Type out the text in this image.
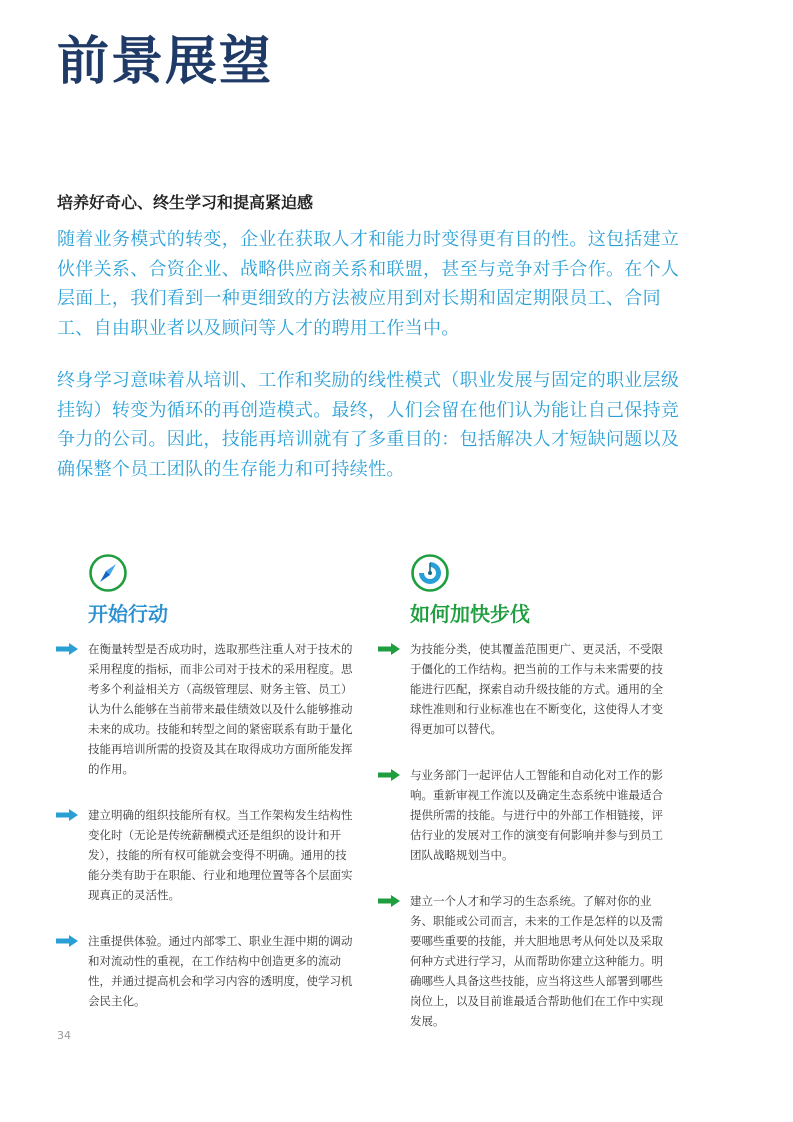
前景展望
培养好奇心、终生学习和提高紧迫感

随着业务模式的转变，企业在获取人才和能力时变得更有目的性。这包括建立伙伴关系、合资企业、战略供应商关系和联盟，甚至与竞争对手合作。在个人层面上，我们看到一种更细致的方法被应用到对长期和固定期限员工、合同工、自由职业者以及顾问等人才的聘用工作当中。

终身学习意味着从培训、工作和奖励的线性模式（职业发展与固定的职业层级挂钩）转变为循环的再创造模式。最终，人们会留在他们认为能让自己保持竞争力的公司。因此，技能再培训就有了多重目的：包括解决人才短缺问题以及确保整个员工团队的生存能力和可持续性。

开始行动
在衡量转型是否成功时，选取那些注重人对于技术的采用程度的指标，而非公司对于技术的采用程度。思考多个利益相关方（高级管理层、财务主管、员工）认为什么能够在当前带来最佳绩效以及什么能够推动未来的成功。技能和转型之间的紧密联系有助于量化技能再培训所需的投资及其在取得成功方面所能发挥的作用。
建立明确的组织技能所有权。当工作架构发生结构性变化时（无论是传统薪酬模式还是组织的设计和开发），技能的所有权可能就会变得不明确。通用的技能分类有助于在职能、行业和地理位置等各个层面实现真正的灵活性。
注重提供体验。通过内部零工、职业生涯中期的调动和对流动性的重视，在工作结构中创造更多的流动性，并通过提高机会和学习内容的透明度，使学习机会民主化。
如何加快步伐
为技能分类，使其覆盖范围更广、更灵活，不受限于僵化的工作结构。把当前的工作与未来需要的技能进行匹配，探索自动升级技能的方式。通用的全球性准则和行业标准也在不断变化，这使得人才变得更加可以替代。
与业务部门一起评估人工智能和自动化对工作的影响。重新审视工作流以及确定生态系统中谁最适合提供所需的技能。与进行中的外部工作相链接，评估行业的发展对工作的演变有何影响并参与到员工团队战略规划当中。
建立一个人才和学习的生态系统。了解对你的业务、职能或公司而言，未来的工作是怎样的以及需要哪些重要的技能，并大胆地思考从何处以及采取何种方式进行学习，从而帮助你建立这种能力。明确哪些人具备这些技能，应当将这些人部署到哪些岗位上，以及目前谁最适合帮助他们在工作中实现发展。
34
